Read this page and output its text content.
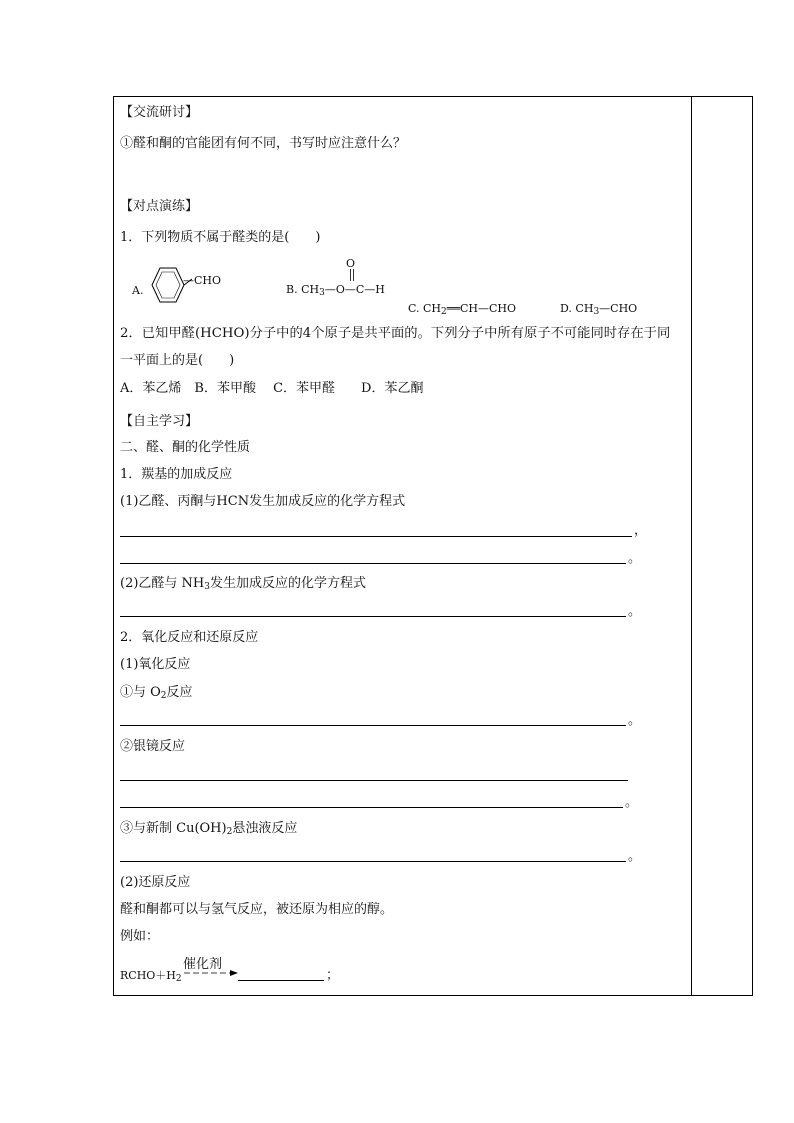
【交流研讨】
①醛和酮的官能团有何不同，书写时应注意什么？
【对点演练】
1．下列物质不属于醛类的是(　　)
A.
—CHO
O
B. $CH_3—O—C—H$
C. $CH_2══CH—CHO$	D. $CH_3—CHO$
2．已知甲醛(HCHO)分子中的4个原子是共平面的。下列分子中所有原子不可能同时存在于同
一平面上的是(　　)
A．苯乙烯　B．苯甲酸　 C．苯甲醛　　D．苯乙酮
【自主学习】
二、醛、酮的化学性质
1．羰基的加成反应
(1)乙醛、丙酮与HCN发生加成反应的化学方程式
，
。
(2)乙醛与 $NH_3$发生加成反应的化学方程式
。
2．氧化反应和还原反应
(1)氧化反应
①与 $O_2$反应
。
②银镜反应
。
③与新制 $Cu(OH)_2$悬浊液反应
。
(2)还原反应
醛和酮都可以与氢气反应，被还原为相应的醇。
例如：
$RCHO+H_2$
催化剂
；
